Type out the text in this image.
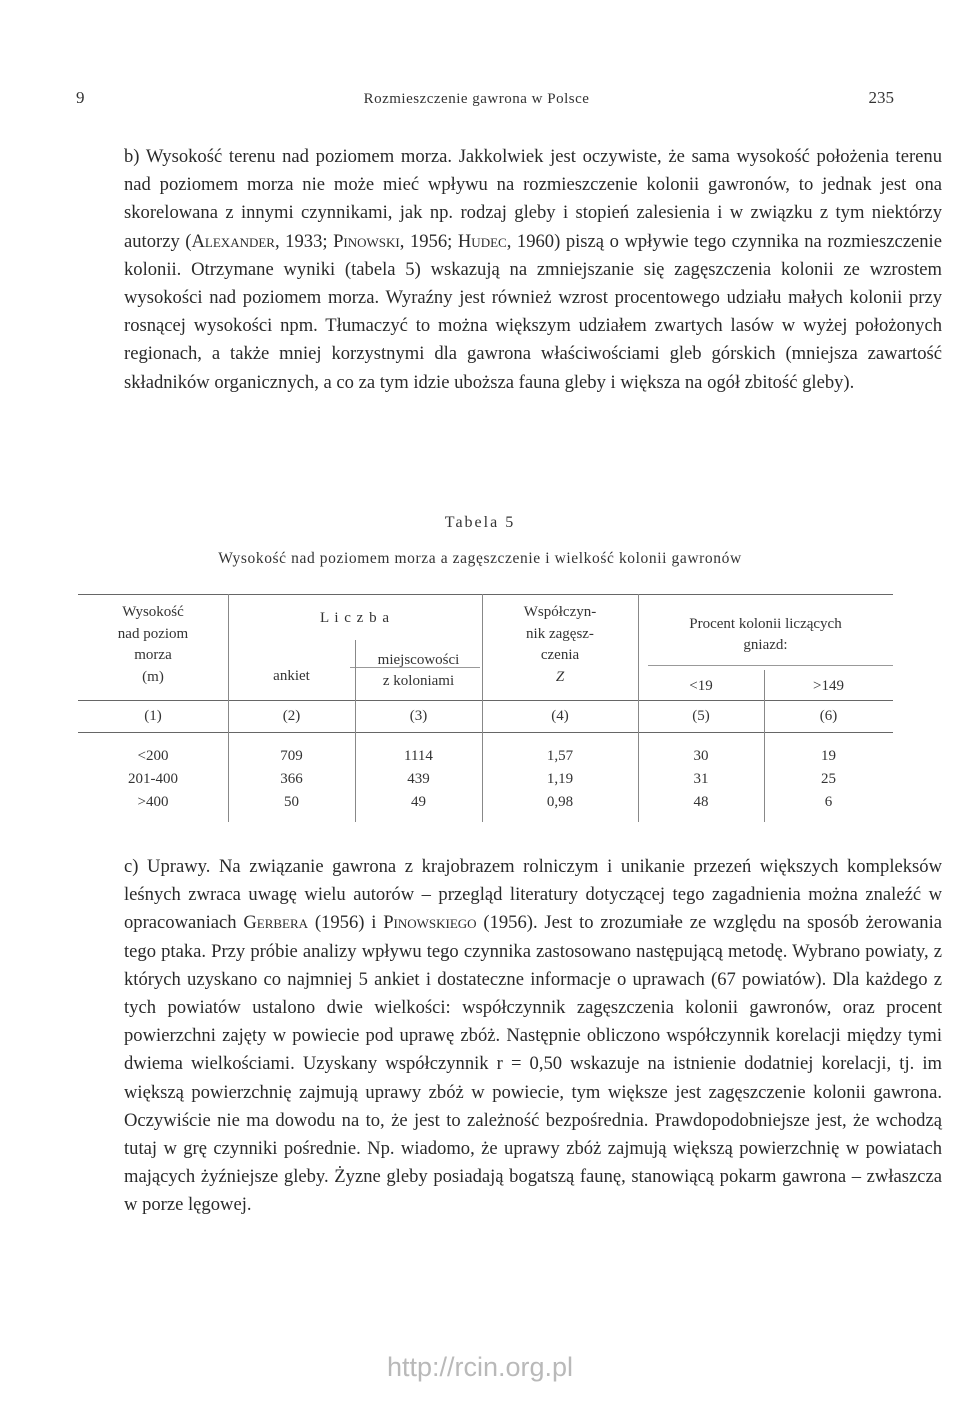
9	Rozmieszczenie gawrona w Polsce	235
b) Wysokość terenu nad poziomem morza. Jakkolwiek jest oczywiste, że sama wysokość położenia terenu nad poziomem morza nie może mieć wpływu na rozmieszczenie kolonii gawronów, to jednak jest ona skorelowana z innymi czynnikami, jak np. rodzaj gleby i stopień zalesienia i w związku z tym niektórzy autorzy (Alexander, 1933; Pinowski, 1956; Hudec, 1960) piszą o wpływie tego czynnika na rozmieszczenie kolonii. Otrzymane wyniki (tabela 5) wskazują na zmniejszanie się zagęszczenia kolonii ze wzrostem wysokości nad poziomem morza. Wyraźny jest również wzrost procentowego udziału małych kolonii przy rosnącej wysokości npm. Tłumaczyć to można większym udziałem zwartych lasów w wyżej położonych regionach, a także mniej korzystnymi dla gawrona właściwościami gleb górskich (mniejsza zawartość składników organicznych, a co za tym idzie uboższa fauna gleby i większa na ogół zbitość gleby).
Tabela 5
Wysokość nad poziomem morza a zagęszczenie i wielkość kolonii gawronów
Wysokość
nad poziom
morza
(m)
L i c z b a
ankiet
miejscowości
z koloniami
Współczyn-
nik zagęsz-
czenia
Z
Procent kolonii liczących
gniazd:
<19	>149
(1)	(2)	(3)	(4)	(5)	(6)
<200	709	1114	1,57	30	19
201-400	366	439	1,19	31	25
>400	50	49	0,98	48	6
c) Uprawy. Na związanie gawrona z krajobrazem rolniczym i unikanie przezeń większych kompleksów leśnych zwraca uwagę wielu autorów – przegląd literatury dotyczącej tego zagadnienia można znaleźć w opracowaniach Gerbera (1956) i Pinowskiego (1956). Jest to zrozumiałe ze względu na sposób żerowania tego ptaka. Przy próbie analizy wpływu tego czynnika zastosowano następującą metodę. Wybrano powiaty, z których uzyskano co najmniej 5 ankiet i dostateczne informacje o uprawach (67 powiatów). Dla każdego z tych powiatów ustalono dwie wielkości: współczynnik zagęszczenia kolonii gawronów, oraz procent powierzchni zajęty w powiecie pod uprawę zbóż. Następnie obliczono współczynnik korelacji między tymi dwiema wielkościami. Uzyskany współczynnik r = 0,50 wskazuje na istnienie dodatniej korelacji, tj. im większą powierzchnię zajmują uprawy zbóż w powiecie, tym większe jest zagęszczenie kolonii gawrona. Oczywiście nie ma dowodu na to, że jest to zależność bezpośrednia. Prawdopodobniejsze jest, że wchodzą tutaj w grę czynniki pośrednie. Np. wiadomo, że uprawy zbóż zajmują większą powierzchnię w powiatach mających żyźniejsze gleby. Żyzne gleby posiadają bogatszą faunę, stanowiącą pokarm gawrona – zwłaszcza w porze lęgowej.
http://rcin.org.pl
